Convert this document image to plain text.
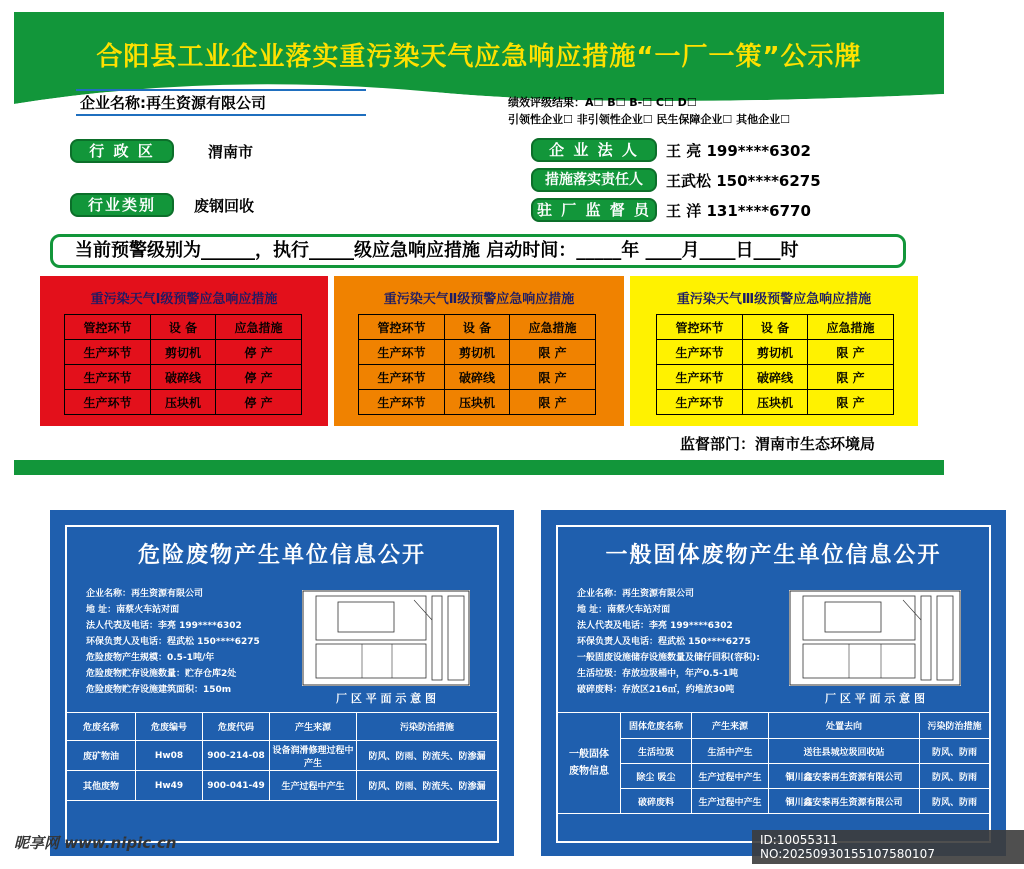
合阳县工业企业落实重污染天气应急响应措施“一厂一策”公示牌
企业名称:再生资源有限公司	绩效评级结果：A☐ B☐ B-☐ C☐ D☐
引领性企业☐ 非引领性企业☐ 民生保障企业☐ 其他企业☐
行 政 区	渭南市
行业类别	废钢回收
企 业 法 人	王 亮 199****6302
措施落实责任人	王武松 150****6275
驻 厂 监 督 员	王 洋 131****6770
当前预警级别为______，执行_____级应急响应措施 启动时间：_____年 ____月____日___时
重污染天气Ⅰ级预警应急响应措施
管控环节	设 备	应急措施
生产环节	剪切机	停 产
生产环节	破碎线	停 产
生产环节	压块机	停 产
重污染天气Ⅱ级预警应急响应措施
管控环节	设 备	应急措施
生产环节	剪切机	限 产
生产环节	破碎线	限 产
生产环节	压块机	限 产
重污染天气Ⅲ级预警应急响应措施
管控环节	设 备	应急措施
生产环节	剪切机	限 产
生产环节	破碎线	限 产
生产环节	压块机	限 产
监督部门：渭南市生态环境局
危险废物产生单位信息公开
企业名称：再生资源有限公司
地 址：南蔡火车站对面
法人代表及电话：李亮 199****6302
环保负责人及电话：程武松 150****6275
危险废物产生规模：0.5-1吨/年
危险废物贮存设施数量：贮存仓库2处
危险废物贮存设施建筑面积：150m
厂 区 平 面 示 意 图
危废名称	危废编号	危废代码	产生来源	污染防治措施
废矿物油	Hw08	900-214-08	设备润滑修理过程中产生	防风、防雨、防流失、防渗漏
其他废物	Hw49	900-041-49	生产过程中产生	防风、防雨、防流失、防渗漏
一般固体废物产生单位信息公开
企业名称：再生资源有限公司
地 址：南蔡火车站对面
法人代表及电话：李亮 199****6302
环保负责人及电话：程武松 150****6275
一般固废设施储存设施数量及储仔回积(容积):
生活垃圾：存放垃圾桶中，年产0.5-1吨
破碎废料：存放区216㎡，约堆放30吨
厂 区 平 面 示 意 图
一般固体废物信息	固体危废名称	产生来源	处置去向	污染防治措施
	生活垃圾	生活中产生	送往县城垃圾回收站	防风、防雨
	除尘 吸尘	生产过程中产生	铜川鑫安泰再生资源有限公司	防风、防雨
	破碎废料	生产过程中产生	铜川鑫安泰再生资源有限公司	防风、防雨
昵享网 www.nipic.cn	ID:10055311 NO:20250930155107580107
